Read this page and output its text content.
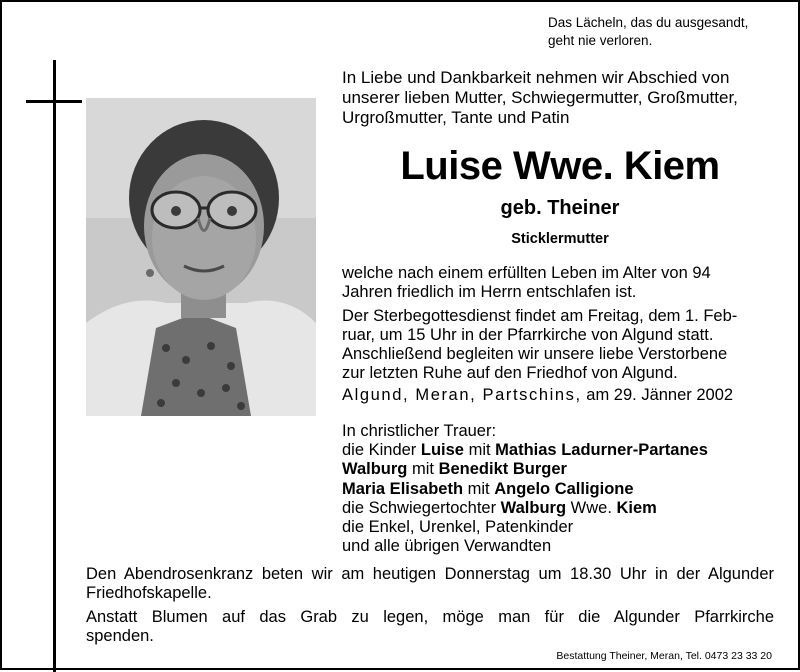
Das Lächeln, das du ausgesandt,
geht nie verloren.
In Liebe und Dankbarkeit nehmen wir Abschied von
unserer lieben Mutter, Schwiegermutter, Großmutter,
Urgroßmutter, Tante und Patin
Luise Wwe. Kiem
geb. Theiner
Sticklermutter
welche nach einem erfüllten Leben im Alter von 94
Jahren friedlich im Herrn entschlafen ist.
Der Sterbegottesdienst findet am Freitag, dem 1. Feb-
ruar, um 15 Uhr in der Pfarrkirche von Algund statt.
Anschließend begleiten wir unsere liebe Verstorbene
zur letzten Ruhe auf den Friedhof von Algund.
Algund, Meran, Partschins, am 29. Jänner 2002
In christlicher Trauer:
die Kinder Luise mit Mathias Ladurner-Partanes
Walburg mit Benedikt Burger
Maria Elisabeth mit Angelo Calligione
die Schwiegertochter Walburg Wwe. Kiem
die Enkel, Urenkel, Patenkinder
und alle übrigen Verwandten
Den Abendrosenkranz beten wir am heutigen Donnerstag um 18.30 Uhr in der Algunder
Friedhofskapelle.
Anstatt Blumen auf das Grab zu legen, möge man für die Algunder Pfarrkirche
spenden.
Bestattung Theiner, Meran, Tel. 0473 23 33 20
